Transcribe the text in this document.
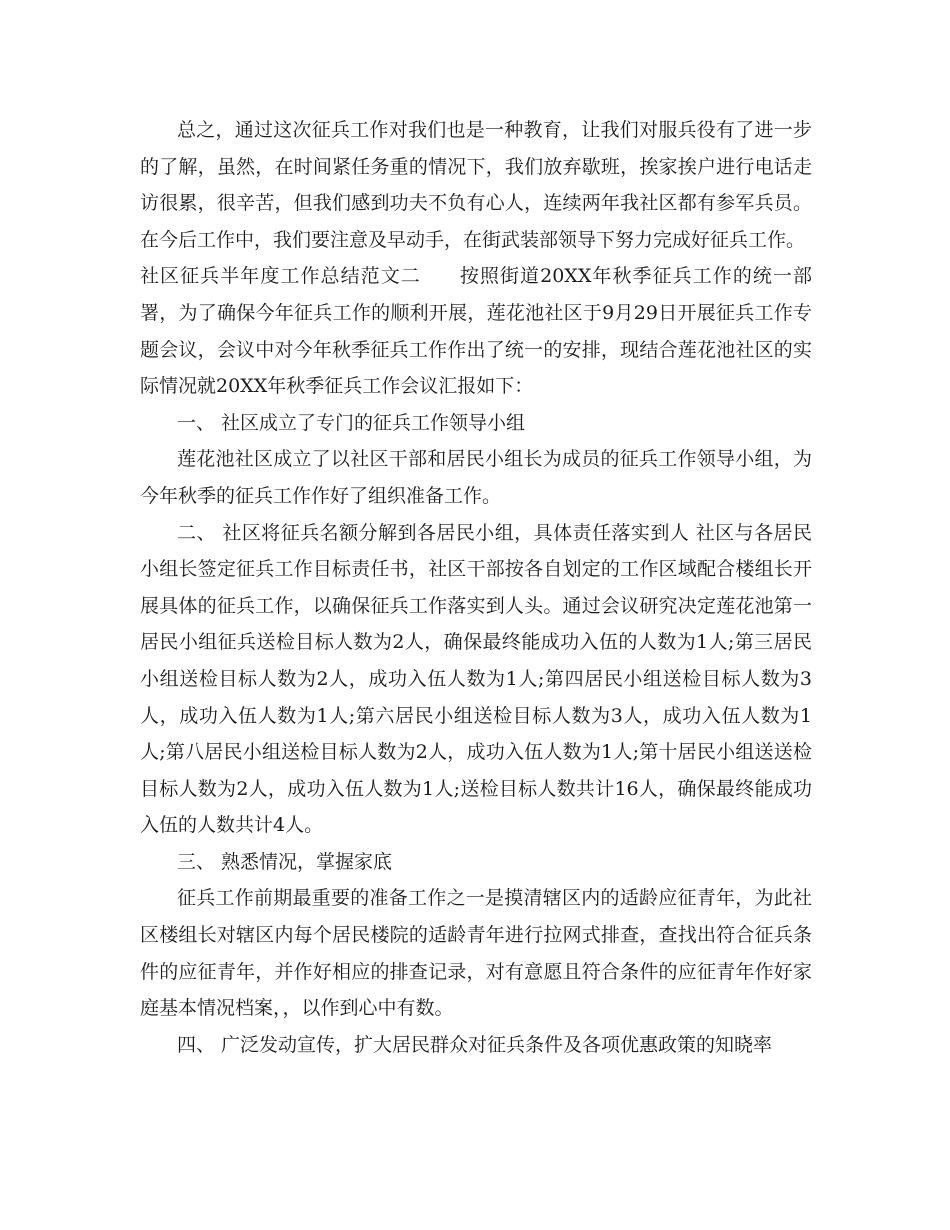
总之，通过这次征兵工作对我们也是一种教育，让我们对服兵役有了进一步的了解，虽然，在时间紧任务重的情况下，我们放弃歇班，挨家挨户进行电话走访很累，很辛苦，但我们感到功夫不负有心人，连续两年我社区都有参军兵员。在今后工作中，我们要注意及早动手，在街武装部领导下努力完成好征兵工作。

社区征兵半年度工作总结范文二 按照街道20XX年秋季征兵工作的统一部署，为了确保今年征兵工作的顺利开展，莲花池社区于9月29日开展征兵工作专题会议，会议中对今年秋季征兵工作作出了统一的安排，现结合莲花池社区的实际情况就20XX年秋季征兵工作会议汇报如下：

一、 社区成立了专门的征兵工作领导小组

莲花池社区成立了以社区干部和居民小组长为成员的征兵工作领导小组，为今年秋季的征兵工作作好了组织准备工作。

二、 社区将征兵名额分解到各居民小组，具体责任落实到人 社区与各居民小组长签定征兵工作目标责任书，社区干部按各自划定的工作区域配合楼组长开展具体的征兵工作，以确保征兵工作落实到人头。通过会议研究决定莲花池第一居民小组征兵送检目标人数为2人，确保最终能成功入伍的人数为1人;第三居民小组送检目标人数为2人，成功入伍人数为1人;第四居民小组送检目标人数为3人，成功入伍人数为1人;第六居民小组送检目标人数为3人，成功入伍人数为1人;第八居民小组送检目标人数为2人，成功入伍人数为1人;第十居民小组送送检目标人数为2人，成功入伍人数为1人;送检目标人数共计16人，确保最终能成功入伍的人数共计4人。

三、 熟悉情况，掌握家底

征兵工作前期最重要的准备工作之一是摸清辖区内的适龄应征青年，为此社区楼组长对辖区内每个居民楼院的适龄青年进行拉网式排查，查找出符合征兵条件的应征青年，并作好相应的排查记录，对有意愿且符合条件的应征青年作好家庭基本情况档案，，以作到心中有数。

四、 广泛发动宣传，扩大居民群众对征兵条件及各项优惠政策的知晓率
